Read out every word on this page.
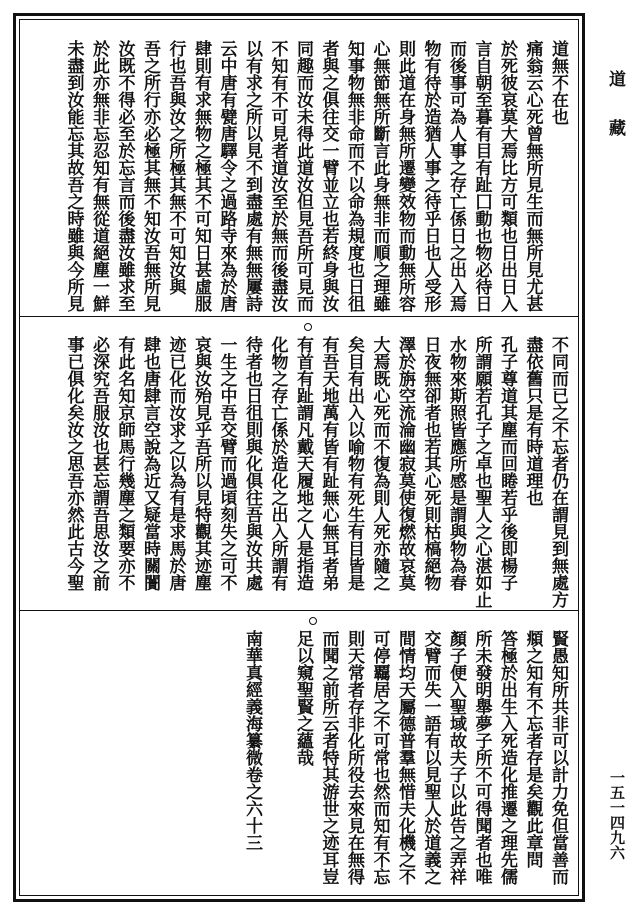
道無不在也
痛翁云心死曾無所見生而無所見尤甚
於死彼哀莫大焉比方可類也日出日入
言自朝至暮有目有趾囗動也物必待日
而後事可為人事之存亡係日之出入焉
物有待於造猶人事之待乎日也人受形
則此道在身無所遷變效物而動無所容
心無節無所斷言此身無非而順之理雖
知事物無非命而不以命為規度也日徂
者與之俱往交一臂並立也若終身與汝
同趣而汝未得此道汝但見吾所可見而
不知有不可見者道汝至於無而後盡汝
以有求之所以見不到盡處有無無屢詩
云中唐有甓唐驛令之過路寺來為於唐
肆則有求無物之極其不可知日甚虛服
行也吾與汝之所極其無不可知汝與
吾之所行亦必極其無不知汝吾無所見
汝既不得必至於忘言而後盡汝雖求至
於此亦無非忘忍知有無從道絕塵一鮮
未盡到汝能忘其故吾之時雖與今所見
不同而已之不忘者仍在謂見到無處方
盡依舊只是有時道理也
孔子尊道其塵而回睠若乎後即楊子
所謂願若孔子之卓也聖人之心湛如止
水物來斯照皆應所感是謂與物為春
日夜無卻者也若其心死則枯槁絕物
澤於旃空流淪幽寂莫使復燃故哀莫
大焉既心死而不復為則人死亦隨之
矣目有出入以喻物有死生有目皆是
有吾天地萬有皆有趾無心無耳者弟
有首有趾謂凡戴天履地之人是指造
化物之存亡係於造化之出入所謂有
待者也日徂則與化俱往吾與汝共處
一生之中吾交臂而過頃刻失之可不
哀與汝殆見乎吾所以見特觀其迹塵
迹已化而汝求之以為有是求馬於唐
肆也唐肆言空說為近又疑當時關闠
有此名知京師馬行幾塵之類要亦不
必深究吾服汝也甚忘謂吾思汝之前
事已俱化矣汝之思吾亦然此古今聖
賢愚知所共非可以計力免但當善而
頫之知有不忘者存是矣觀此章問
答極於出生入死造化推遷之理先儒
所未發明舉夢子所不可得聞者也唯
顏子便入聖域故夫子以此告之弄祥
交臂而失一語有以見聖人於道義之
間情均天屬德普羣無惜夫化機之不
可停覊居之不可常也然而知有不忘
則天常者存非化所役去來見在無得
而聞之前所云者特其游世之迹耳豈
足以窺聖賢之蘊哉
南華真經義海纂微卷之六十三
道藏
一五一四九六
